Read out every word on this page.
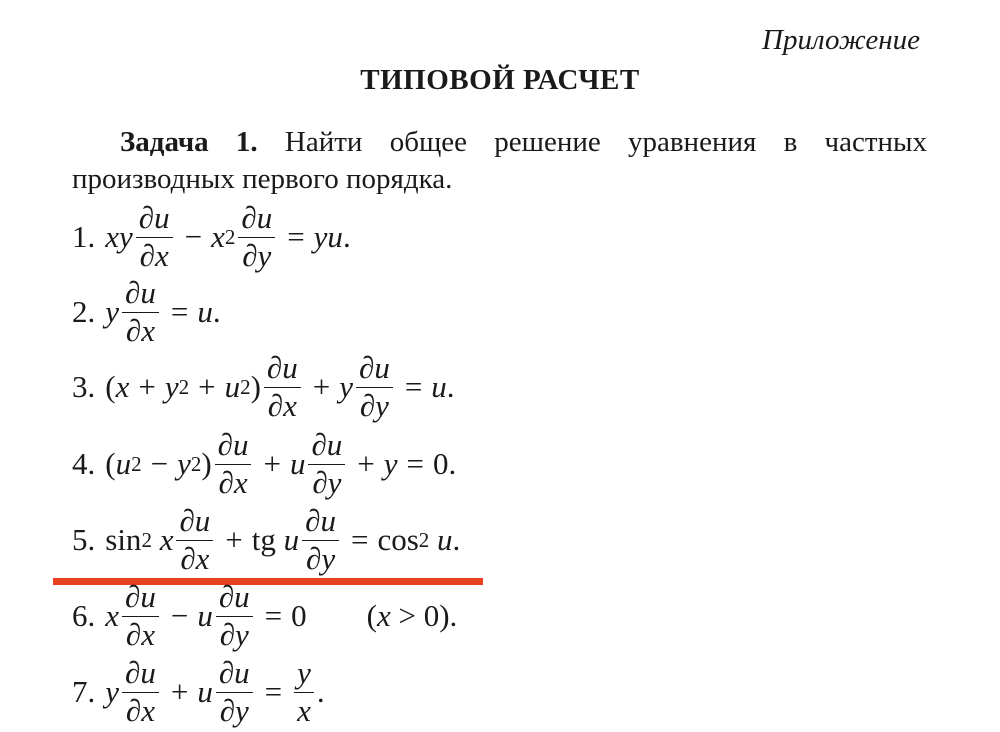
Приложение
ТИПОВОЙ РАСЧЕТ
Задача 1. Найти общее решение уравнения в частных производных первого порядка.
1. xy $\frac{\partial u}{\partial x} - x$ $2 \frac{\partial u}{\partial y}$ = yu .
2. y $\frac{\partial u}{\partial x} = u$ .
3. ( x + y 2 + u 2 ) $\frac{\partial u}{\partial x} + y \frac{\partial u}{\partial y} = u$ .
4. ( u 2 − y 2 ) $\frac{\partial u}{\partial x} + u \frac{\partial u}{\partial y} + y = 0$.
5. sin 2
x $\frac{\partial u}{\partial x}$ + tg u $\frac{\partial u}{\partial y} = \cos 2$
u .
6. x $\frac{\partial u}{\partial x} - u \frac{\partial u}{\partial y} = 0$ (x > 0).
7. y $\frac{\partial u}{\partial x} + u \frac{\partial u}{\partial y} = \frac{y}{x}$ .
